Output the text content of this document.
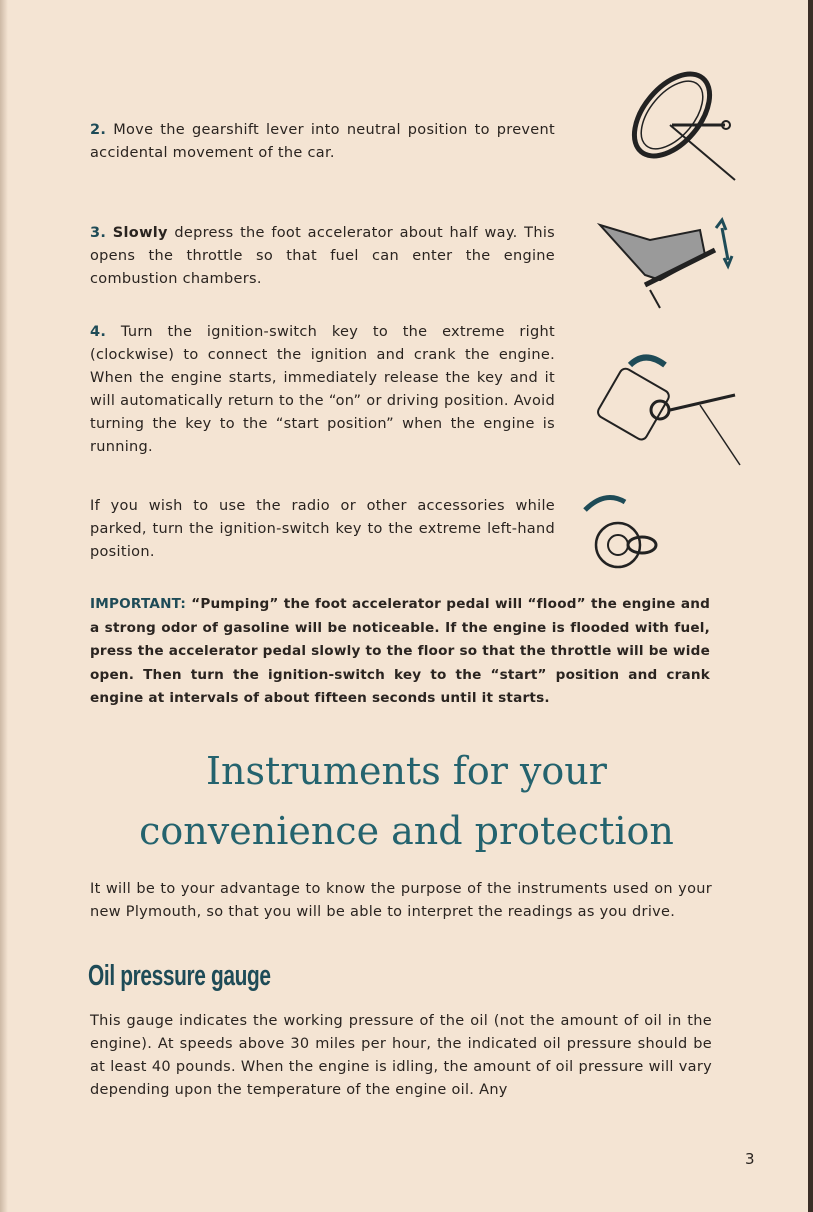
2. Move the gearshift lever into neutral position to prevent accidental movement of the car.
3. Slowly depress the foot accelerator about half way. This opens the throttle so that fuel can enter the engine combustion chambers.
4. Turn the ignition-switch key to the extreme right (clockwise) to connect the ignition and crank the engine. When the engine starts, immediately release the key and it will automatically return to the “on” or driving position. Avoid turning the key to the “start position” when the engine is running.
If you wish to use the radio or other accessories while parked, turn the ignition-switch key to the extreme left-hand position.
IMPORTANT: “Pumping” the foot accelerator pedal will “flood” the engine and a strong odor of gasoline will be noticeable. If the engine is flooded with fuel, press the accelerator pedal slowly to the floor so that the throttle will be wide open. Then turn the ignition-switch key to the “start” position and crank engine at intervals of about fifteen seconds until it starts.
Instruments for your
convenience and protection
It will be to your advantage to know the purpose of the instruments used on your new Plymouth, so that you will be able to interpret the readings as you drive.
Oil pressure gauge
This gauge indicates the working pressure of the oil (not the amount of oil in the engine). At speeds above 30 miles per hour, the indicated oil pressure should be at least 40 pounds. When the engine is idling, the amount of oil pressure will vary depending upon the temperature of the engine oil. Any
3
